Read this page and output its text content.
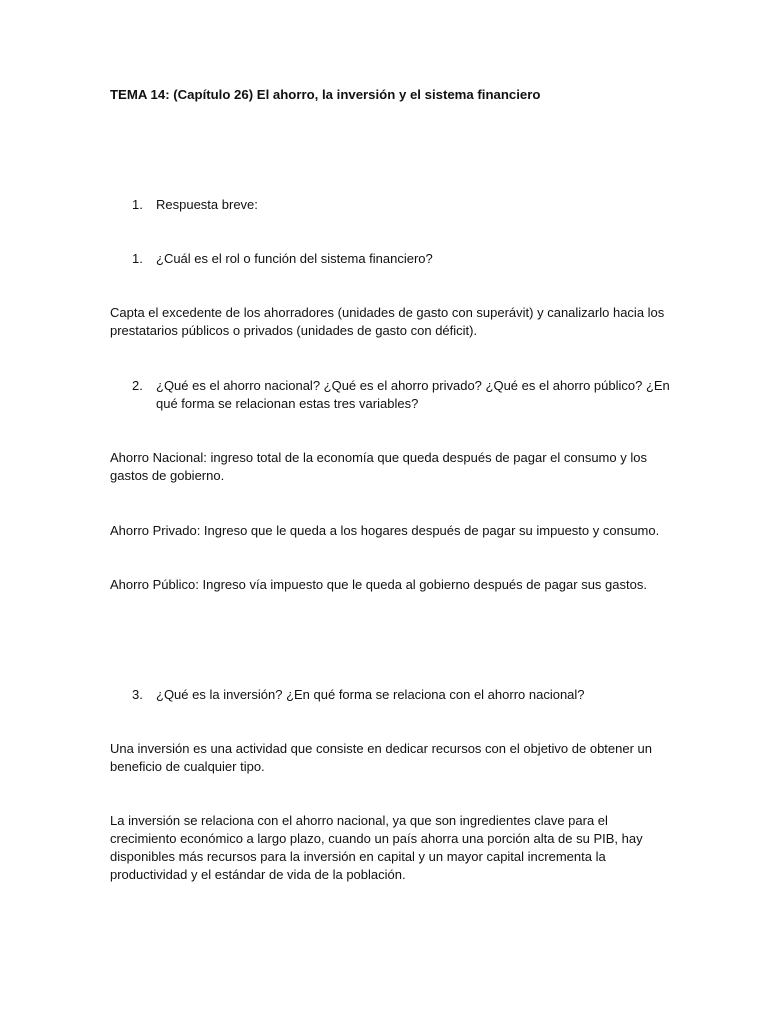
TEMA 14: (Capítulo 26) El ahorro, la inversión y el sistema financiero

1.	Respuesta breve:
1.	¿Cuál es el rol o función del sistema financiero?

Capta el excedente de los ahorradores (unidades de gasto con superávit) y canalizarlo hacia los prestatarios públicos o privados (unidades de gasto con déficit).

2.	¿Qué es el ahorro nacional? ¿Qué es el ahorro privado? ¿Qué es el ahorro público? ¿En qué forma se relacionan estas tres variables?

Ahorro Nacional: ingreso total de la economía que queda después de pagar el consumo y los gastos de gobierno.

Ahorro Privado: Ingreso que le queda a los hogares después de pagar su impuesto y consumo.

Ahorro Público: Ingreso vía impuesto que le queda al gobierno después de pagar sus gastos.

3.	¿Qué es la inversión? ¿En qué forma se relaciona con el ahorro nacional?

Una inversión es una actividad que consiste en dedicar recursos con el objetivo de obtener un beneficio de cualquier tipo.

La inversión se relaciona con el ahorro nacional, ya que son ingredientes clave para el crecimiento económico a largo plazo, cuando un país ahorra una porción alta de su PIB, hay disponibles más recursos para la inversión en capital y un mayor capital incrementa la productividad y el estándar de vida de la población.
